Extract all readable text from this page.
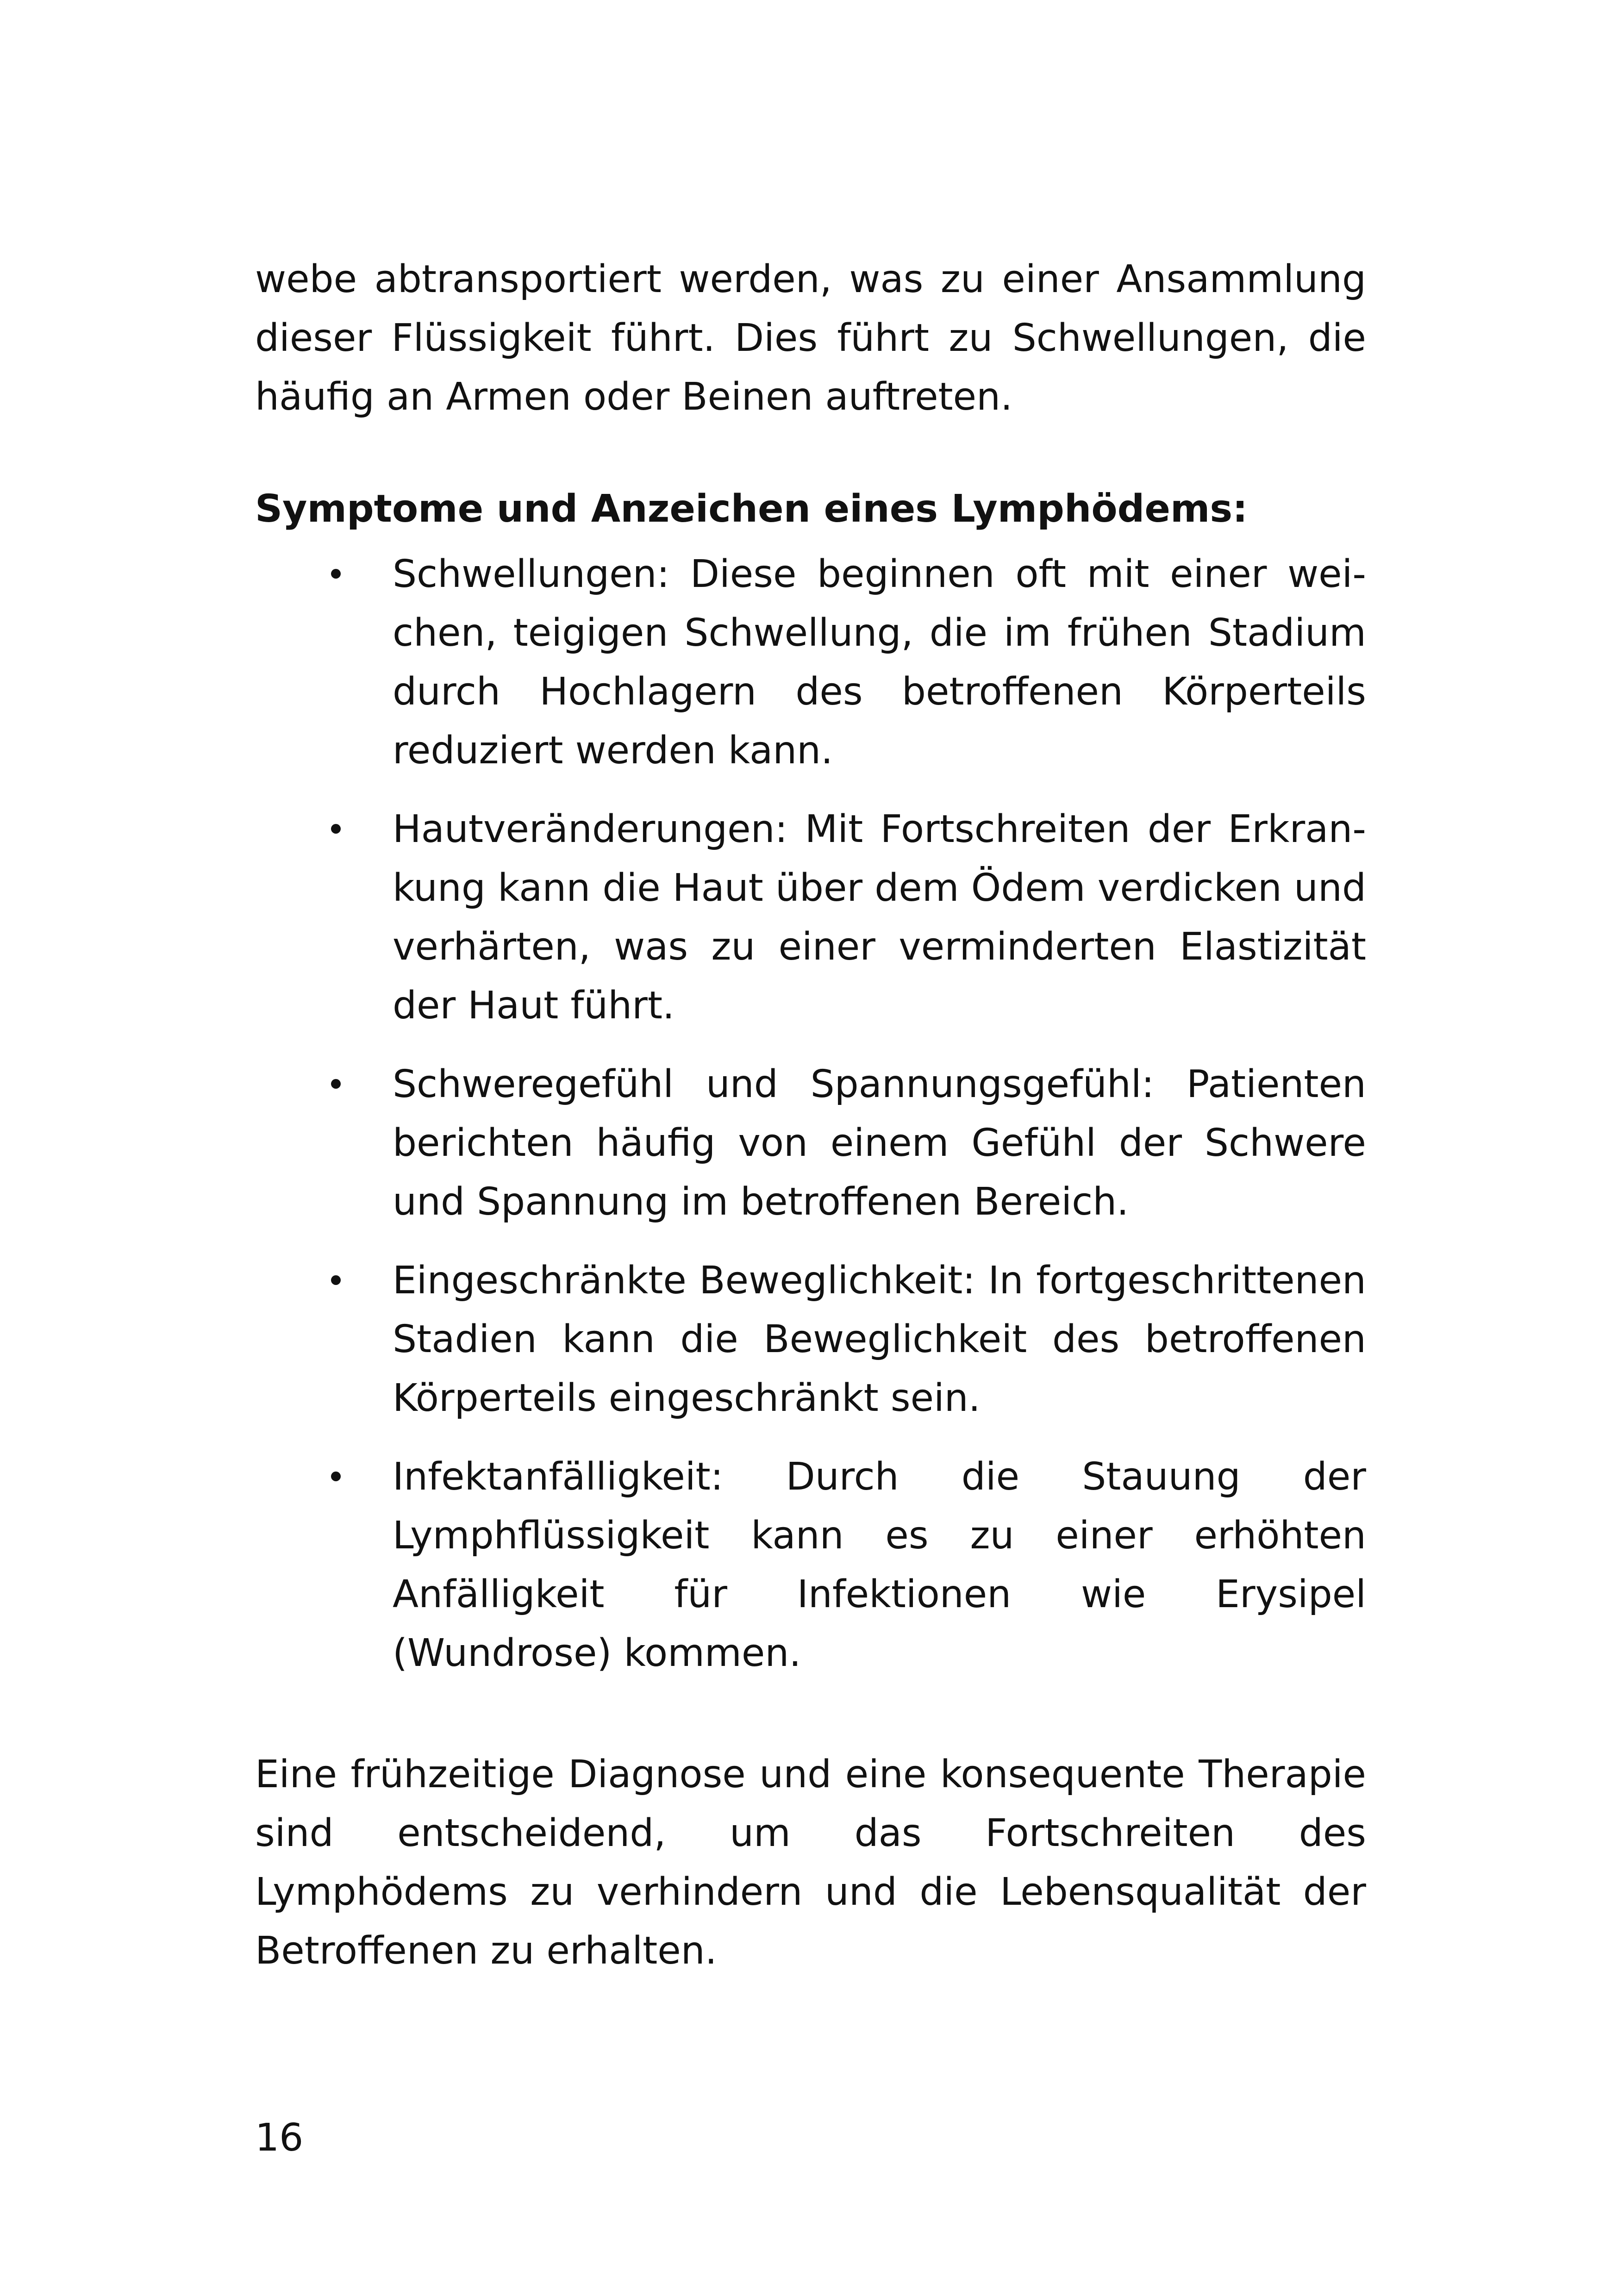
webe abtransportiert werden, was zu einer Ansammlung dieser Flüssigkeit führt. Dies führt zu Schwellungen, die häufig an Armen oder Beinen auftreten.

Symptome und Anzeichen eines Lymphödems:
Schwellungen: Diese beginnen oft mit einer weichen, teigigen Schwellung, die im frühen Stadium durch Hochlagern des betroffenen Körperteils reduziert werden kann.
Hautveränderungen: Mit Fortschreiten der Erkrankung kann die Haut über dem Ödem verdicken und verhärten, was zu einer verminderten Elastizität der Haut führt.
Schweregefühl und Spannungsgefühl: Patienten berichten häufig von einem Gefühl der Schwere und Spannung im betroffenen Bereich.
Eingeschränkte Beweglichkeit: In fortgeschrittenen Stadien kann die Beweglichkeit des betroffenen Körperteils eingeschränkt sein.
Infektanfälligkeit: Durch die Stauung der Lymphflüssigkeit kann es zu einer erhöhten Anfälligkeit für Infektionen wie Erysipel (Wundrose) kommen.

Eine frühzeitige Diagnose und eine konsequente Therapie sind entscheidend, um das Fortschreiten des Lymphödems zu verhindern und die Lebensqualität der Betroffenen zu erhalten.

16
